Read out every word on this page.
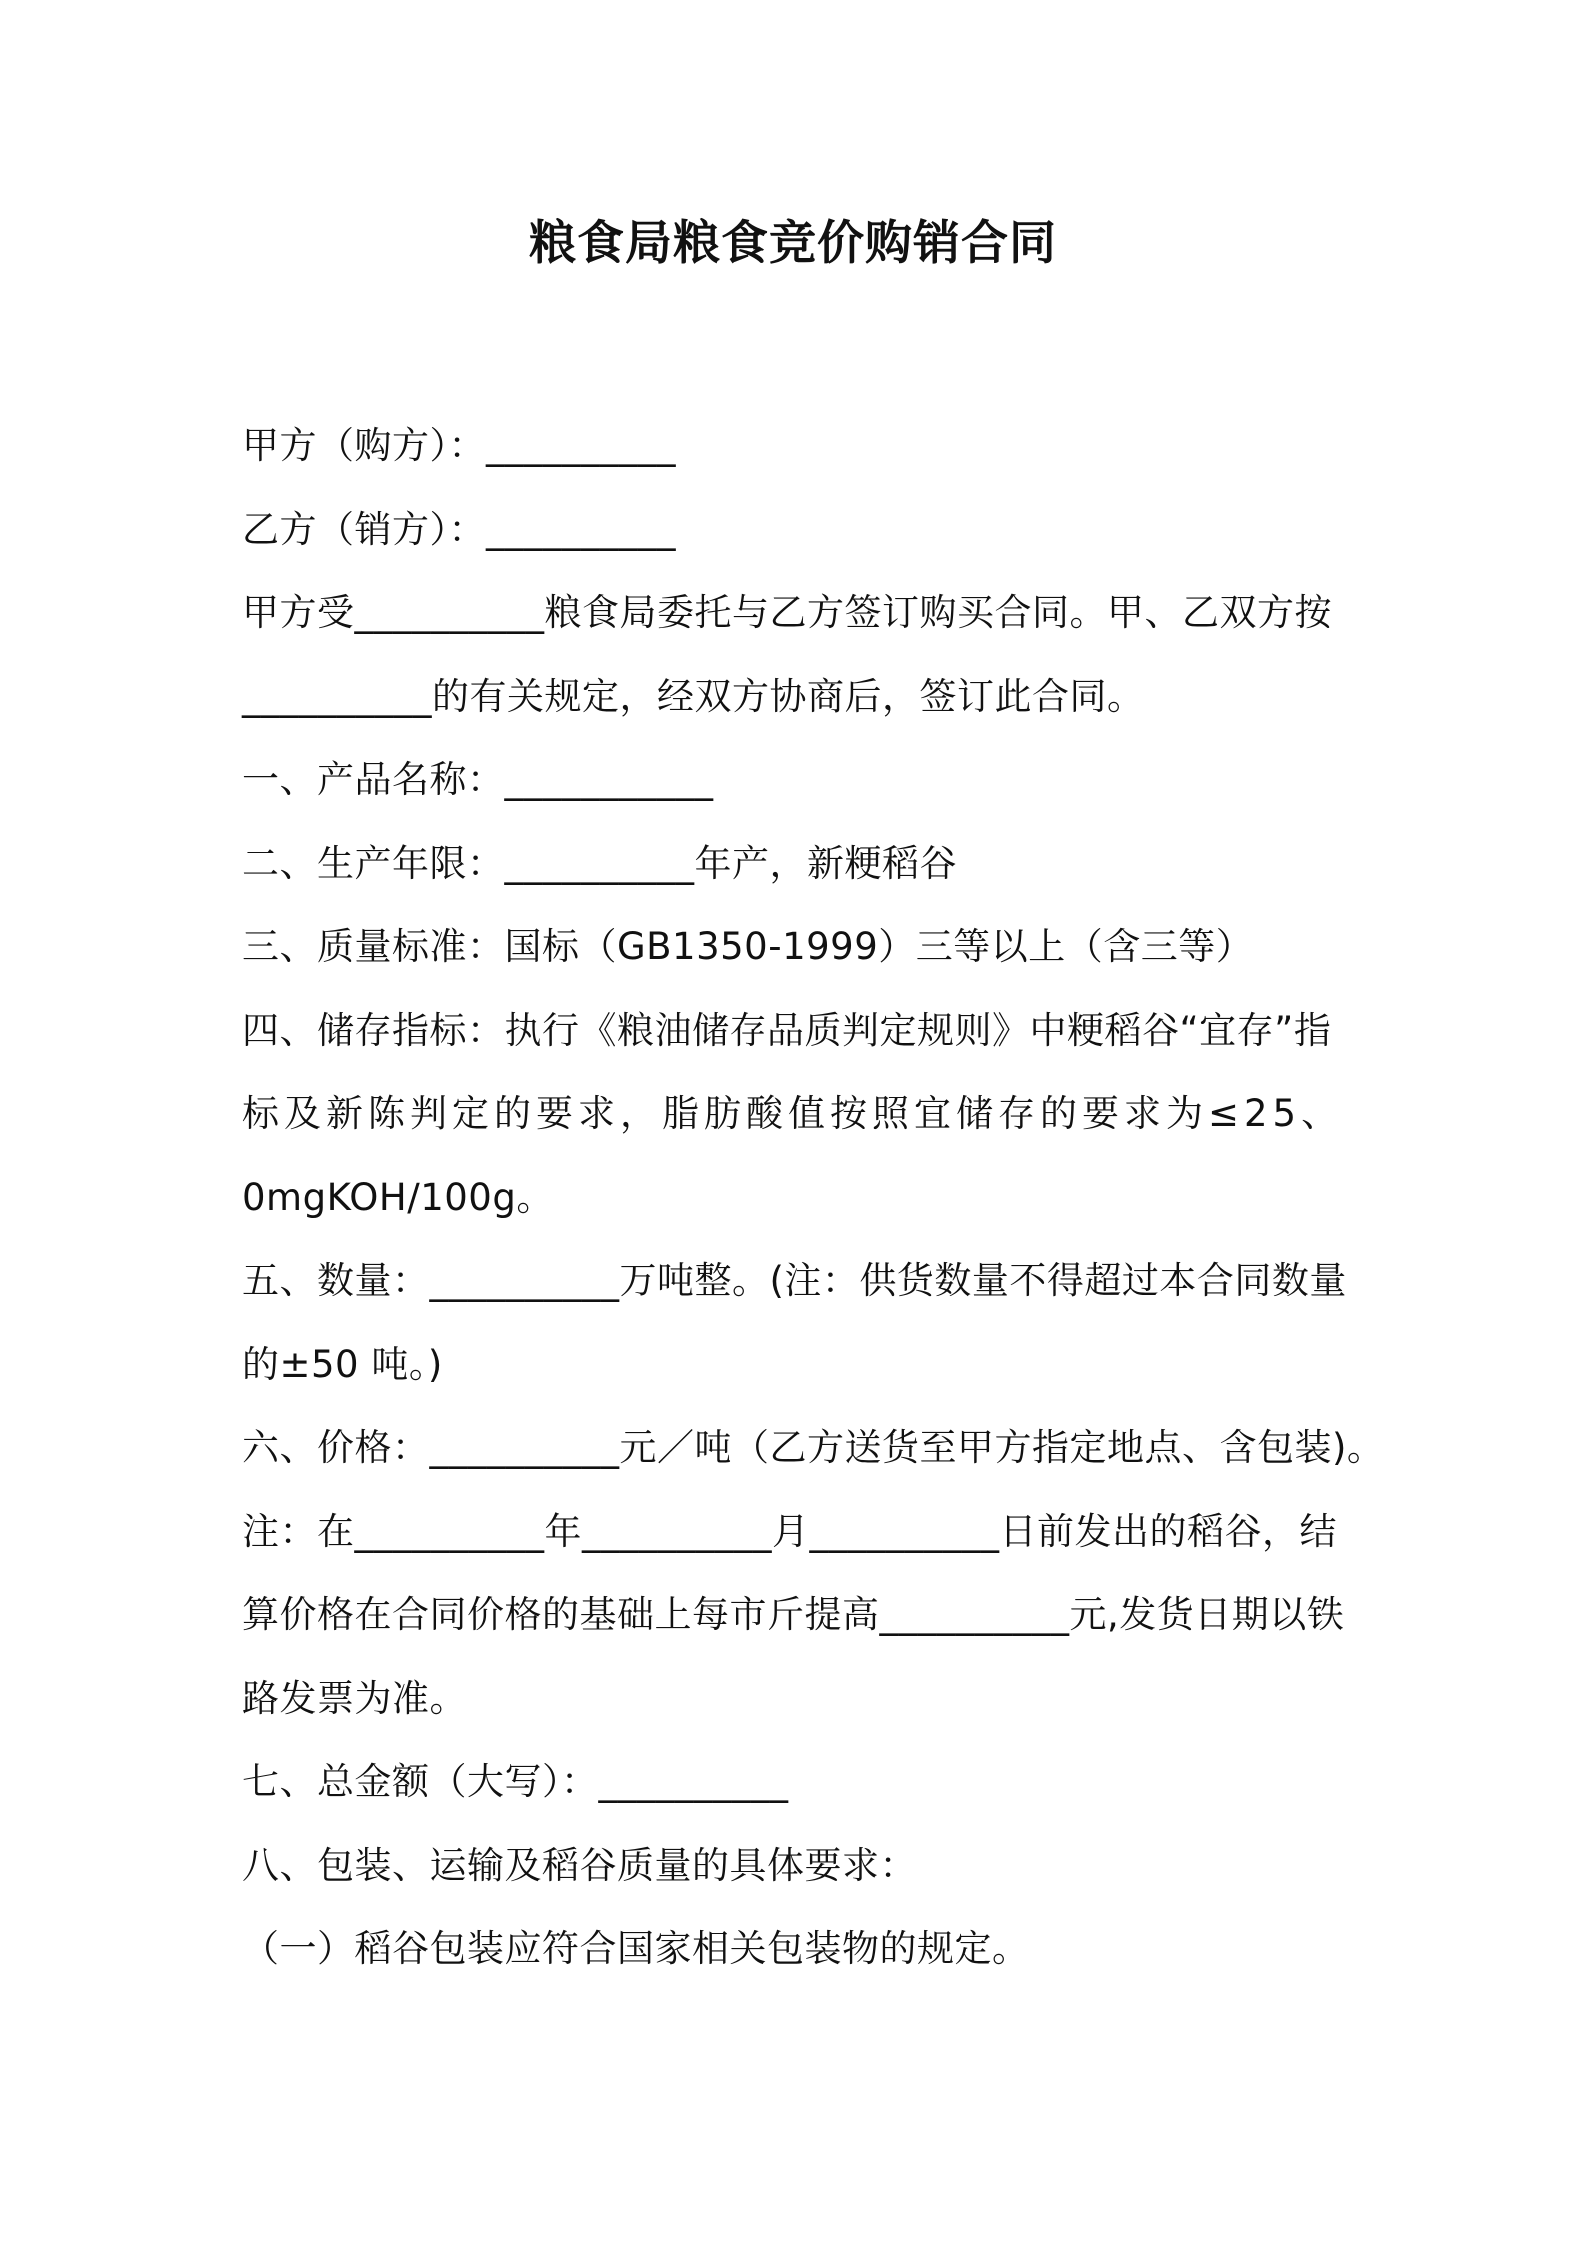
粮食局粮食竞价购销合同
甲方（购方）：__________
乙方（销方）：__________
甲方受__________粮食局委托与乙方签订购买合同。甲、乙双方按
__________的有关规定，经双方协商后，签订此合同。
一、产品名称：___________
二、生产年限：__________年产，新粳稻谷
三、质量标准：国标（GB1350-1999）三等以上（含三等）
四、储存指标：执行《粮油储存品质判定规则》中粳稻谷“宜存”指
标及新陈判定的要求，脂肪酸值按照宜储存的要求为≤25、
0mgKOH/100g。
五、数量：__________万吨整。(注：供货数量不得超过本合同数量
的±50 吨。)
六、价格：__________元／吨（乙方送货至甲方指定地点、含包装)。
注：在__________年__________月__________日前发出的稻谷，结
算价格在合同价格的基础上每市斤提高__________元,发货日期以铁
路发票为准。
七、总金额（大写）：__________
八、包装、运输及稻谷质量的具体要求：
（一）稻谷包装应符合国家相关包装物的规定。
